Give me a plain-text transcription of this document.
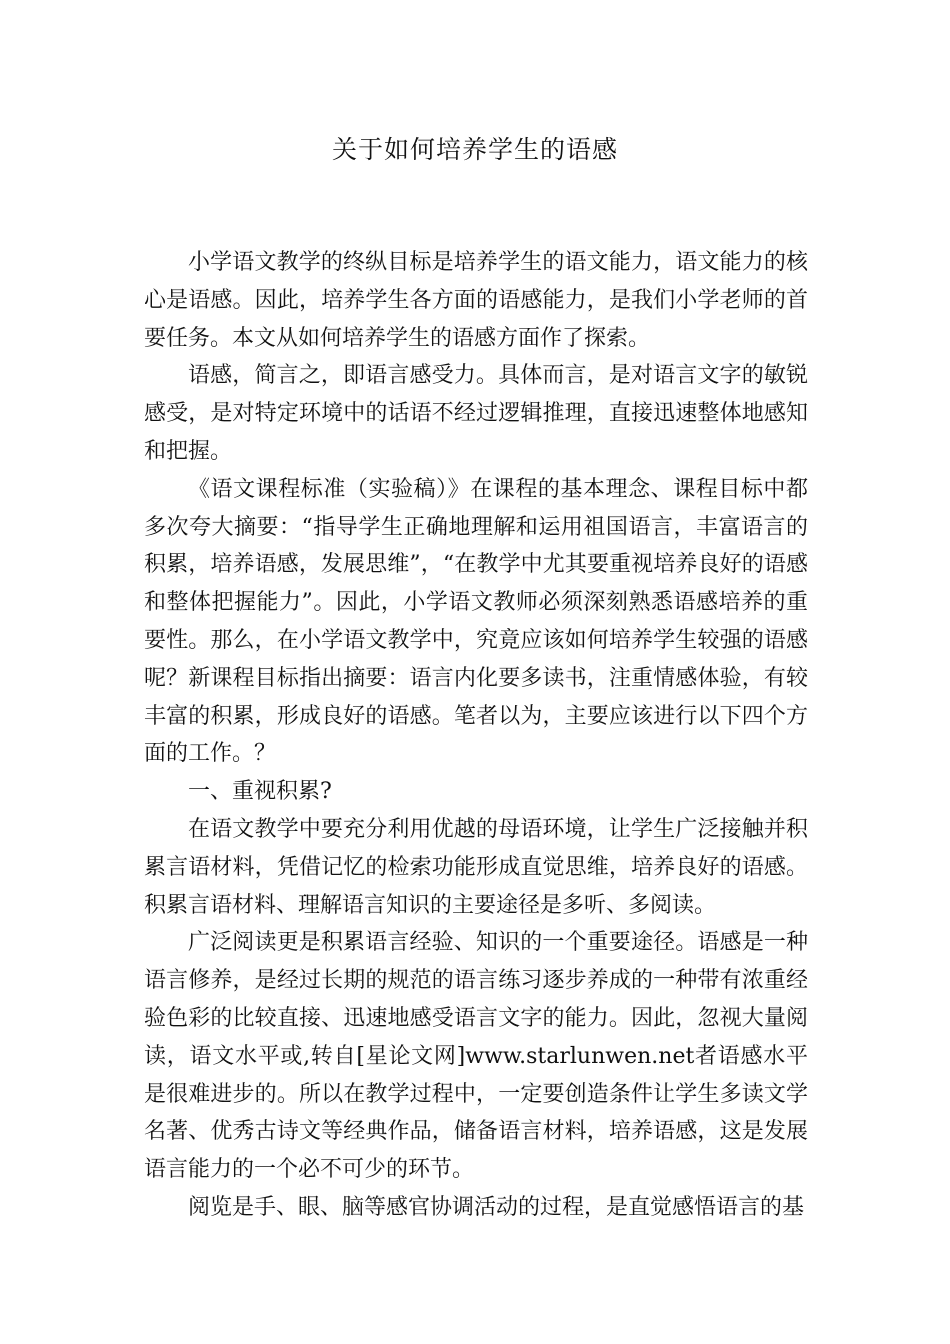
关于如何培养学生的语感

小学语文教学的终纵目标是培养学生的语文能力，语文能力的核心是语感。因此，培养学生各方面的语感能力，是我们小学老师的首要任务。本文从如何培养学生的语感方面作了探索。

语感，简言之，即语言感受力。具体而言，是对语言文字的敏锐感受，是对特定环境中的话语不经过逻辑推理，直接迅速整体地感知和把握。

《语文课程标准（实验稿）》在课程的基本理念、课程目标中都多次夸大摘要：“指导学生正确地理解和运用祖国语言，丰富语言的积累，培养语感，发展思维”，“在教学中尤其要重视培养良好的语感和整体把握能力”。因此，小学语文教师必须深刻熟悉语感培养的重要性。那么，在小学语文教学中，究竟应该如何培养学生较强的语感呢？新课程目标指出摘要：语言内化要多读书，注重情感体验，有较丰富的积累，形成良好的语感。笔者以为，主要应该进行以下四个方面的工作。？

一、重视积累?

在语文教学中要充分利用优越的母语环境，让学生广泛接触并积累言语材料，凭借记忆的检索功能形成直觉思维，培养良好的语感。积累言语材料、理解语言知识的主要途径是多听、多阅读。

广泛阅读更是积累语言经验、知识的一个重要途径。语感是一种语言修养，是经过长期的规范的语言练习逐步养成的一种带有浓重经验色彩的比较直接、迅速地感受语言文字的能力。因此，忽视大量阅读，语文水平或,转自[星论文网]www.starlunwen.net者语感水平是很难进步的。所以在教学过程中，一定要创造条件让学生多读文学名著、优秀古诗文等经典作品，储备语言材料，培养语感，这是发展语言能力的一个必不可少的环节。

阅览是手、眼、脑等感官协调活动的过程，是直觉感悟语言的基
